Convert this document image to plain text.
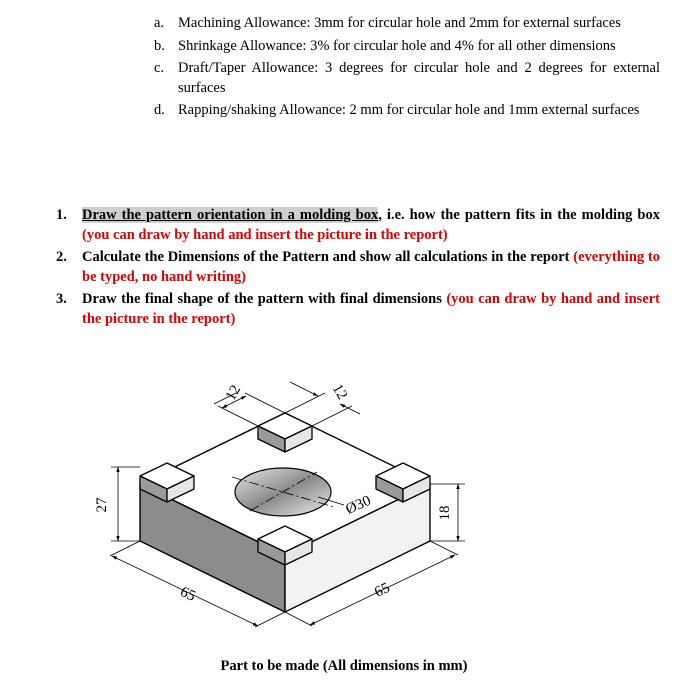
a. Machining Allowance: 3mm for circular hole and 2mm for external surfaces
b. Shrinkage Allowance: 3% for circular hole and 4% for all other dimensions
c. Draft/Taper Allowance: 3 degrees for circular hole and 2 degrees for external surfaces
d. Rapping/shaking Allowance: 2 mm for circular hole and 1mm external surfaces
1. Draw the pattern orientation in a molding box, i.e. how the pattern fits in the molding box (you can draw by hand and insert the picture in the report)
2. Calculate the Dimensions of the Pattern and show all calculations in the report (everything to be typed, no hand writing)
3. Draw the final shape of the pattern with final dimensions (you can draw by hand and insert the picture in the report)
12	12
Ø30
27
18
65	65
Part to be made (All dimensions in mm)
